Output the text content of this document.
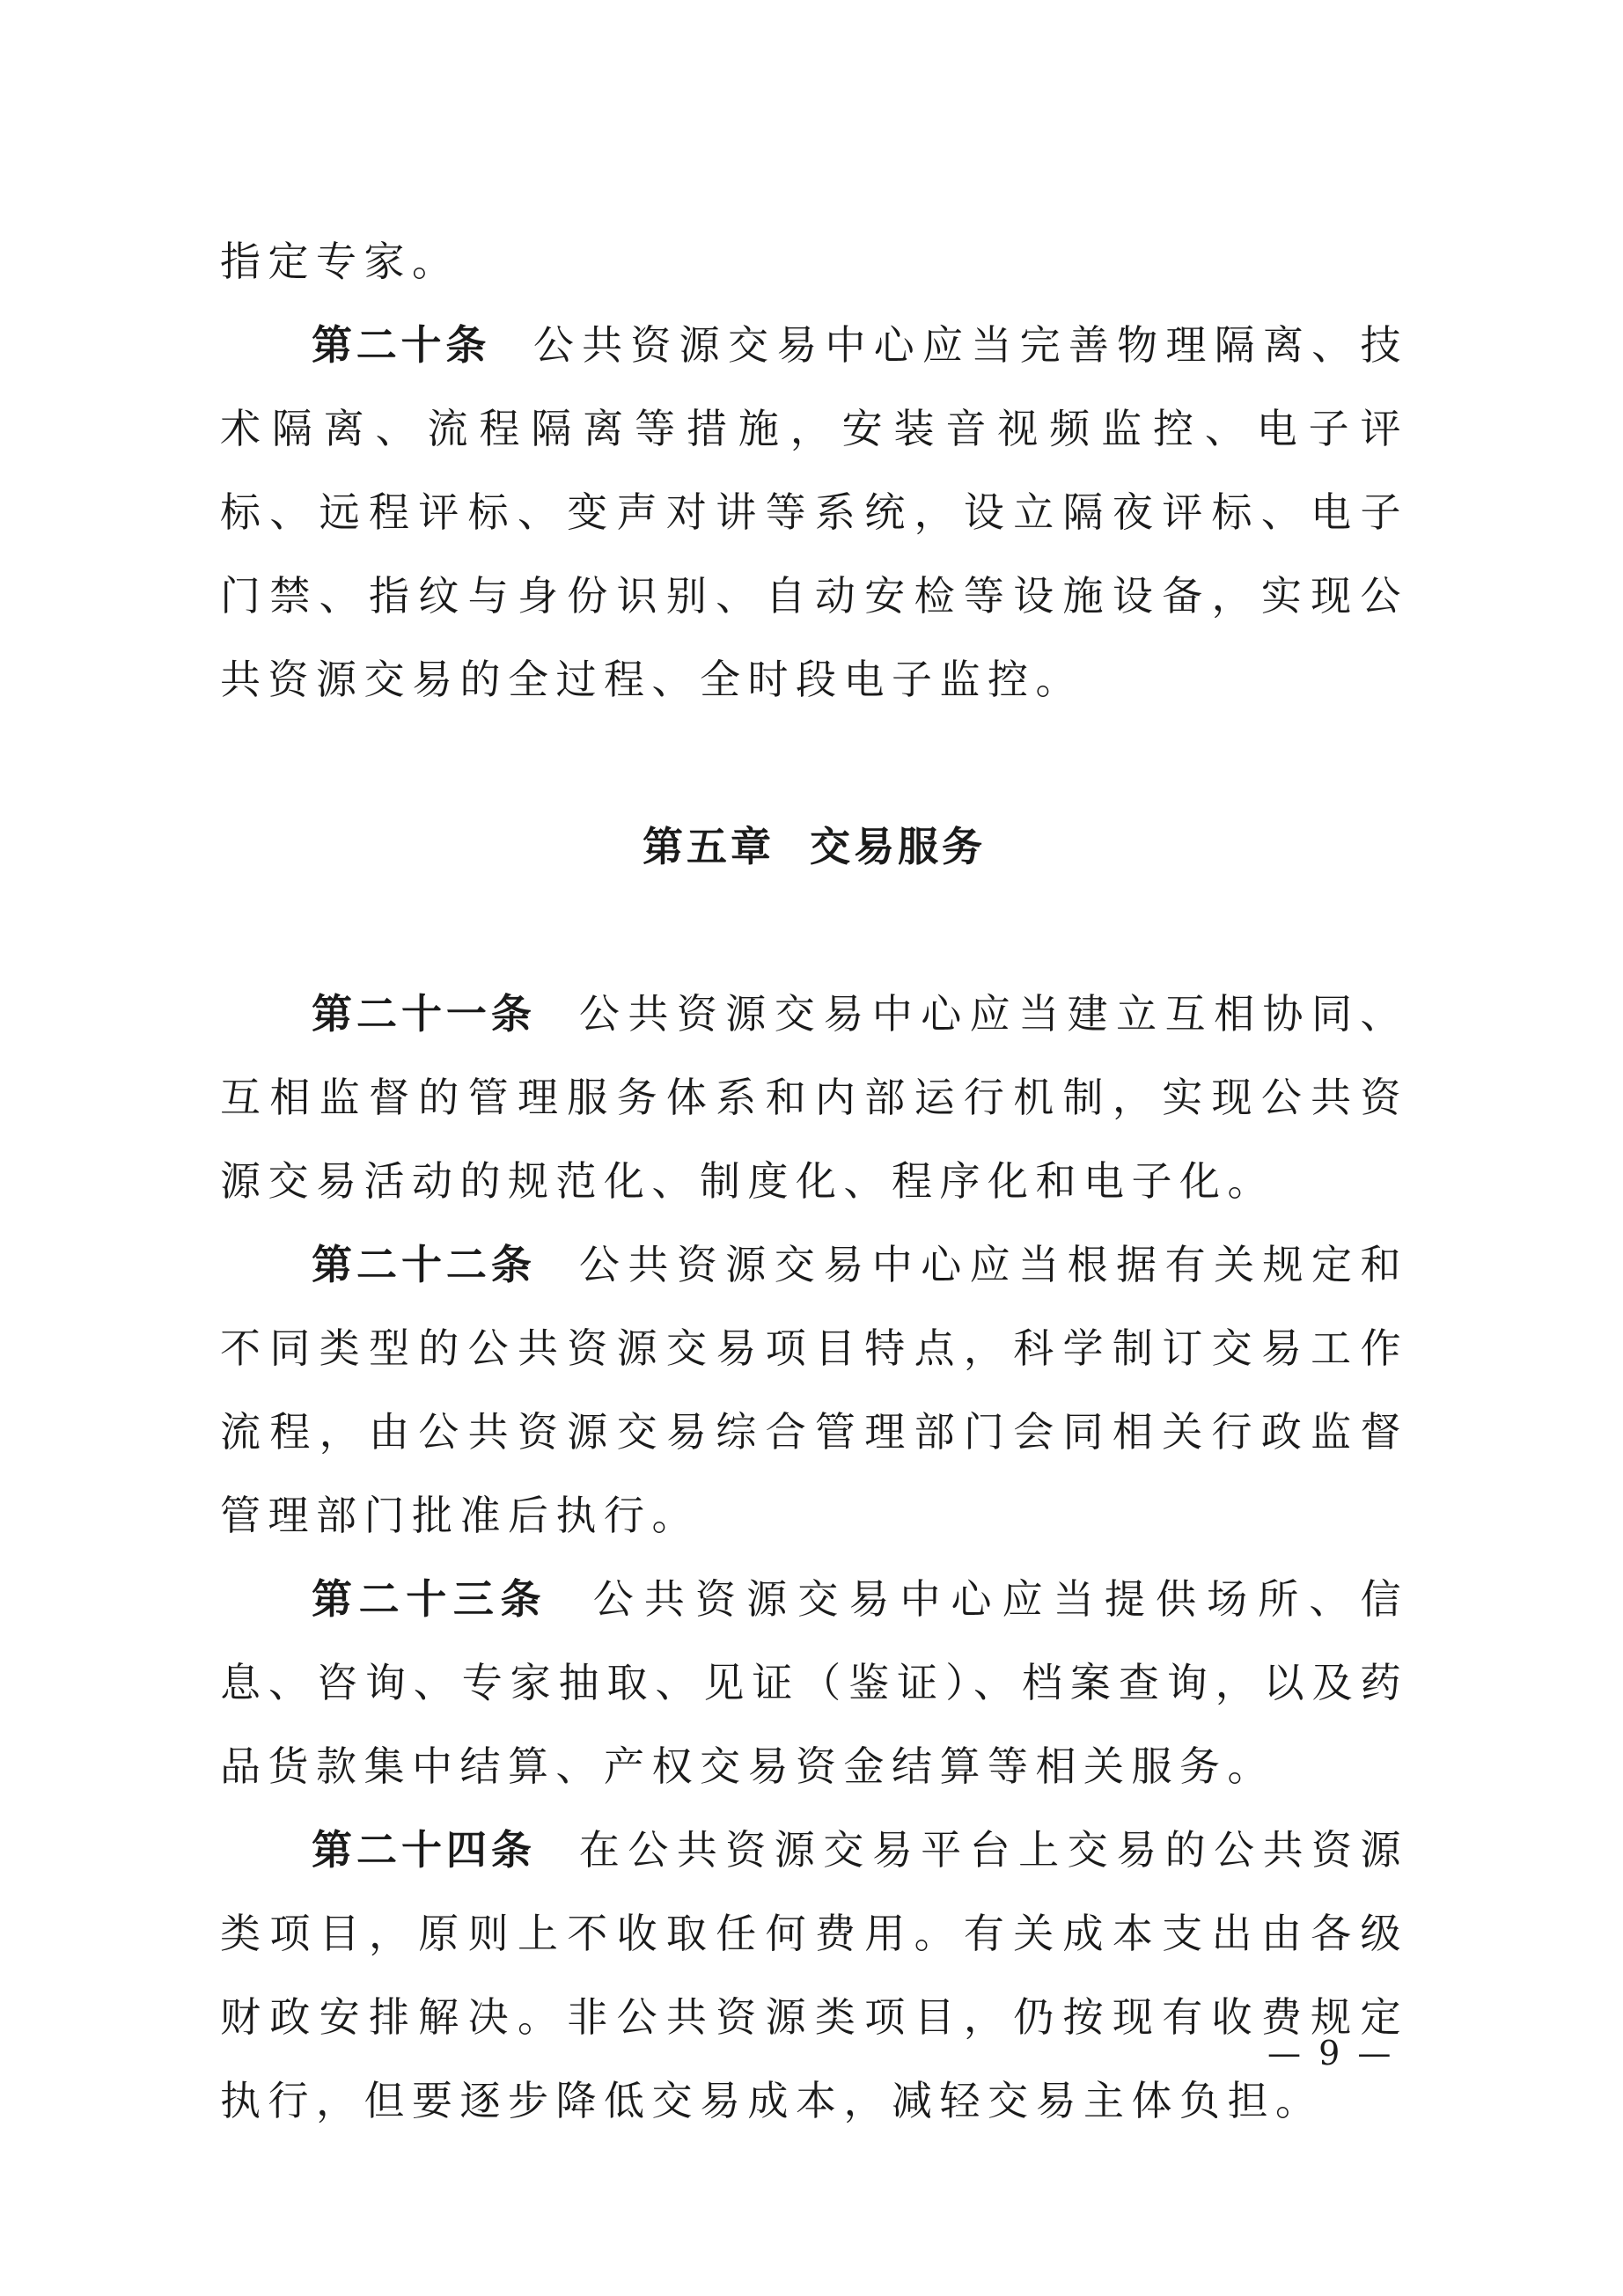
指定专家。

第二十条 公共资源交易中心应当完善物理隔离、技术隔离、流程隔离等措施，安装音视频监控、电子评标、远程评标、变声对讲等系统，设立隔夜评标、电子门禁、指纹与身份识别、自动安检等设施设备，实现公共资源交易的全过程、全时段电子监控。

第五章 交易服务

第二十一条 公共资源交易中心应当建立互相协同、互相监督的管理服务体系和内部运行机制，实现公共资源交易活动的规范化、制度化、程序化和电子化。

第二十二条 公共资源交易中心应当根据有关规定和不同类型的公共资源交易项目特点，科学制订交易工作流程，由公共资源交易综合管理部门会同相关行政监督管理部门批准后执行。

第二十三条 公共资源交易中心应当提供场所、信息、咨询、专家抽取、见证（鉴证）、档案查询，以及药品货款集中结算、产权交易资金结算等相关服务。

第二十四条 在公共资源交易平台上交易的公共资源类项目，原则上不收取任何费用。有关成本支出由各级财政安排解决。非公共资源类项目，仍按现有收费规定执行，但要逐步降低交易成本，减轻交易主体负担。

— 9 —
